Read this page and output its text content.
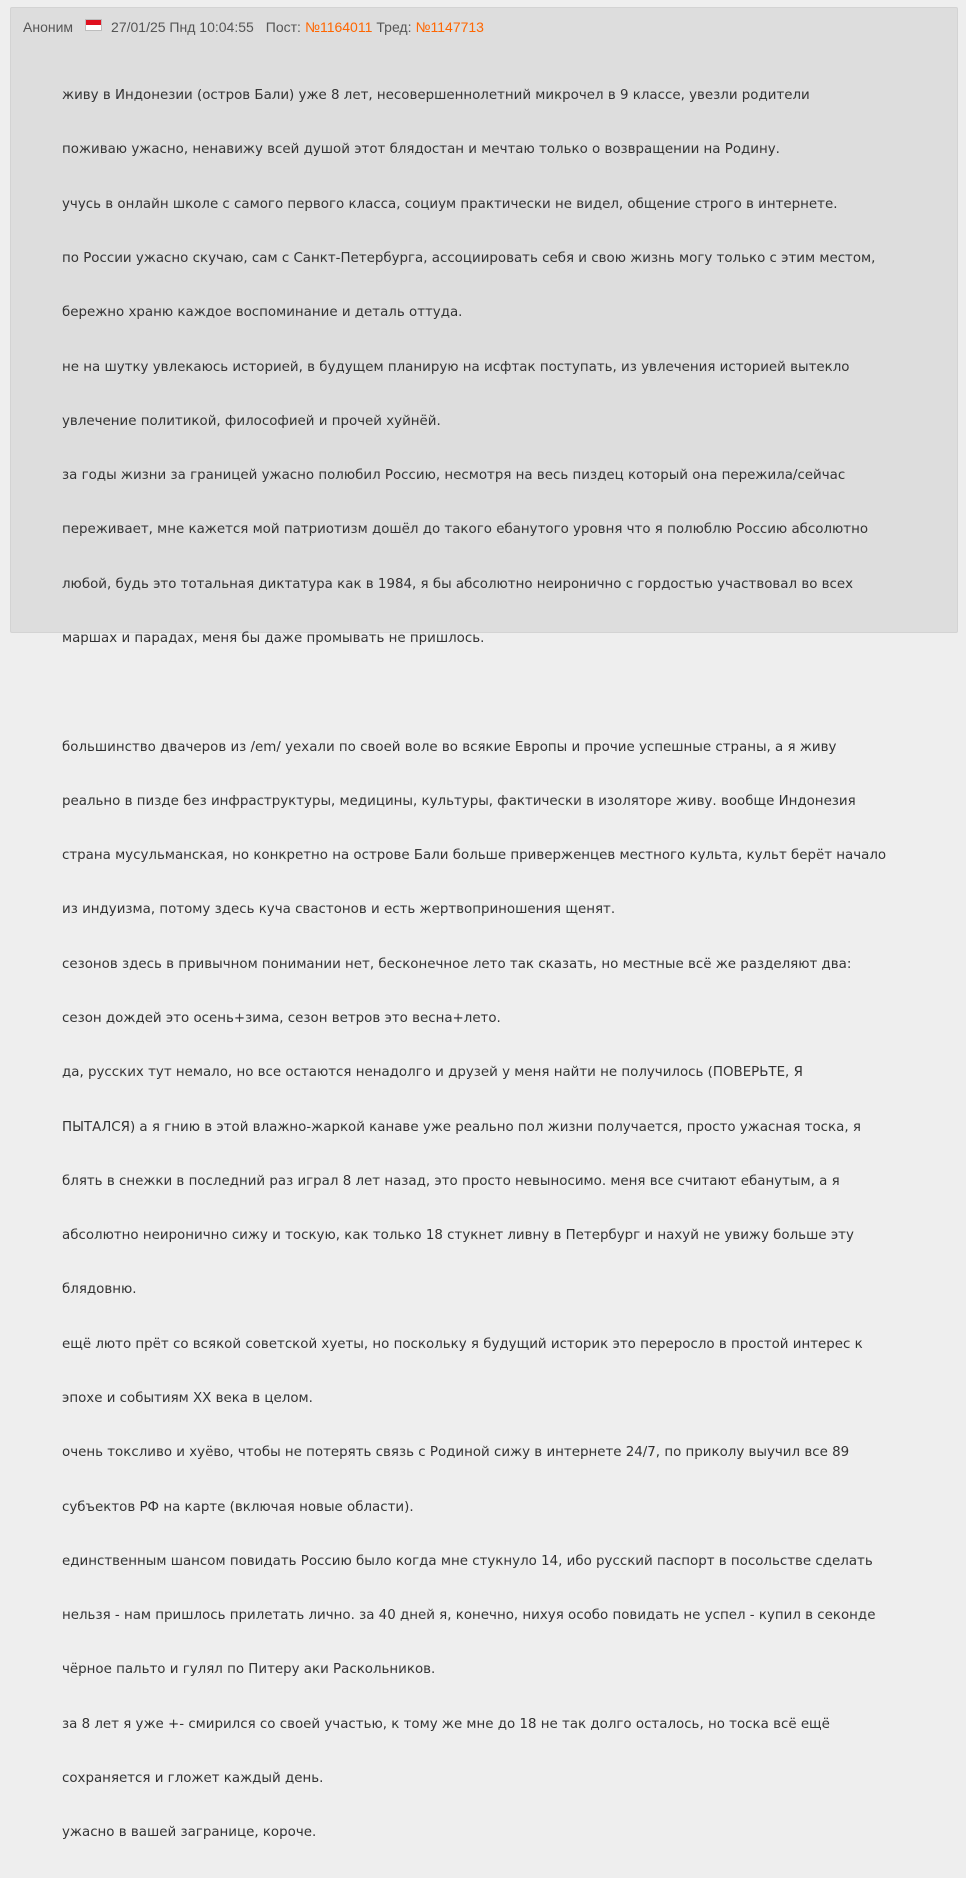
Аноним	27/01/25 Пнд 10:04:55 Пост: №1164011 Тред: №1147713

живу в Индонезии (остров Бали) уже 8 лет, несовершеннолетний микрочел в 9 классе, увезли родители

поживаю ужасно, ненавижу всей душой этот блядостан и мечтаю только о возвращении на Родину.

учусь в онлайн школе с самого первого класса, социум практически не видел, общение строго в интернете.

по России ужасно скучаю, сам с Санкт-Петербурга, ассоциировать себя и свою жизнь могу только с этим местом,

бережно храню каждое воспоминание и деталь оттуда.

не на шутку увлекаюсь историей, в будущем планирую на исфтак поступать, из увлечения историей вытекло

увлечение политикой, философией и прочей хуйнёй.

за годы жизни за границей ужасно полюбил Россию, несмотря на весь пиздец который она пережила/сейчас

переживает, мне кажется мой патриотизм дошёл до такого ебанутого уровня что я полюблю Россию абсолютно

любой, будь это тотальная диктатура как в 1984, я бы абсолютно неиронично с гордостью участвовал во всех

маршах и парадах, меня бы даже промывать не пришлось.

большинство двачеров из /em/ уехали по своей воле во всякие Европы и прочие успешные страны, а я живу

реально в пизде без инфраструктуры, медицины, культуры, фактически в изоляторе живу. вообще Индонезия

страна мусульманская, но конкретно на острове Бали больше приверженцев местного культа, культ берёт начало

из индуизма, потому здесь куча свастонов и есть жертвоприношения щенят.

сезонов здесь в привычном понимании нет, бесконечное лето так сказать, но местные всё же разделяют два:

сезон дождей это осень+зима, сезон ветров это весна+лето.

да, русских тут немало, но все остаются ненадолго и друзей у меня найти не получилось (ПОВЕРЬТЕ, Я

ПЫТАЛСЯ) а я гнию в этой влажно-жаркой канаве уже реально пол жизни получается, просто ужасная тоска, я

блять в снежки в последний раз играл 8 лет назад, это просто невыносимо. меня все считают ебанутым, а я

абсолютно неиронично сижу и тоскую, как только 18 стукнет ливну в Петербург и нахуй не увижу больше эту

блядовню.

ещё люто прёт со всякой советской хуеты, но поскольку я будущий историк это переросло в простой интерес к

эпохе и событиям XX века в целом.

очень токсливо и хуёво, чтобы не потерять связь с Родиной сижу в интернете 24/7, по приколу выучил все 89

субъектов РФ на карте (включая новые области).

единственным шансом повидать Россию было когда мне стукнуло 14, ибо русский паспорт в посольстве сделать

нельзя - нам пришлось прилетать лично. за 40 дней я, конечно, нихуя особо повидать не успел - купил в секонде

чёрное пальто и гулял по Питеру аки Раскольников.

за 8 лет я уже +- смирился со своей участью, к тому же мне до 18 не так долго осталось, но тоска всё ещё

сохраняется и гложет каждый день.

ужасно в вашей загранице, короче.
